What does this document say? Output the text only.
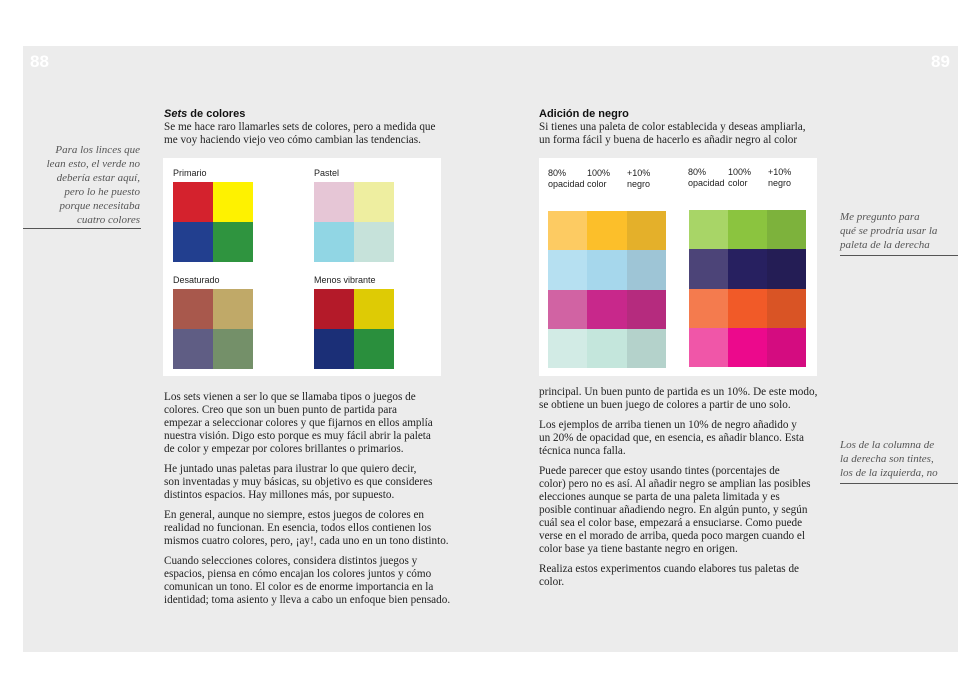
88	89
Para los linces que
lean esto, el verde no
debería estar aquí,
pero lo he puesto
porque necesitaba
cuatro colores	Me pregunto para
qué se prodría usar la
paleta de la derecha
Los de la columna de
la derecha son tintes,
los de la izquierda, no
Sets de colores
Se me hace raro llamarles sets de colores, pero a medida que
me voy haciendo viejo veo cómo cambian las tendencias.
Primario	Pastel
Desaturado	Menos vibrante

Los sets vienen a ser lo que se llamaba tipos o juegos de
colores. Creo que son un buen punto de partida para
empezar a seleccionar colores y que fijarnos en ellos amplía
nuestra visión. Digo esto porque es muy fácil abrir la paleta
de color y empezar por colores brillantes o primarios.

He juntado unas paletas para ilustrar lo que quiero decir,
son inventadas y muy básicas, su objetivo es que consideres
distintos espacios. Hay millones más, por supuesto.

En general, aunque no siempre, estos juegos de colores en
realidad no funcionan. En esencia, todos ellos contienen los
mismos cuatro colores, pero, ¡ay!, cada uno en un tono distinto.

Cuando selecciones colores, considera distintos juegos y
espacios, piensa en cómo encajan los colores juntos y cómo
comunican un tono. El color es de enorme importancia en la
identidad; toma asiento y lleva a cabo un enfoque bien pensado.

Adición de negro
Si tienes una paleta de color establecida y deseas ampliarla,
un forma fácil y buena de hacerlo es añadir negro al color
80%
opacidad
100%
color
+10%
negro
80%
opacidad
100%
color
+10%
negro

principal. Un buen punto de partida es un 10%. De este modo,
se obtiene un buen juego de colores a partir de uno solo.

Los ejemplos de arriba tienen un 10% de negro añadido y
un 20% de opacidad que, en esencia, es añadir blanco. Esta
técnica nunca falla.

Puede parecer que estoy usando tintes (porcentajes de
color) pero no es así. Al añadir negro se amplian las posibles
elecciones aunque se parta de una paleta limitada y es
posible continuar añadiendo negro. En algún punto, y según
cuál sea el color base, empezará a ensuciarse. Como puede
verse en el morado de arriba, queda poco margen cuando el
color base ya tiene bastante negro en origen.

Realiza estos experimentos cuando elabores tus paletas de
color.
